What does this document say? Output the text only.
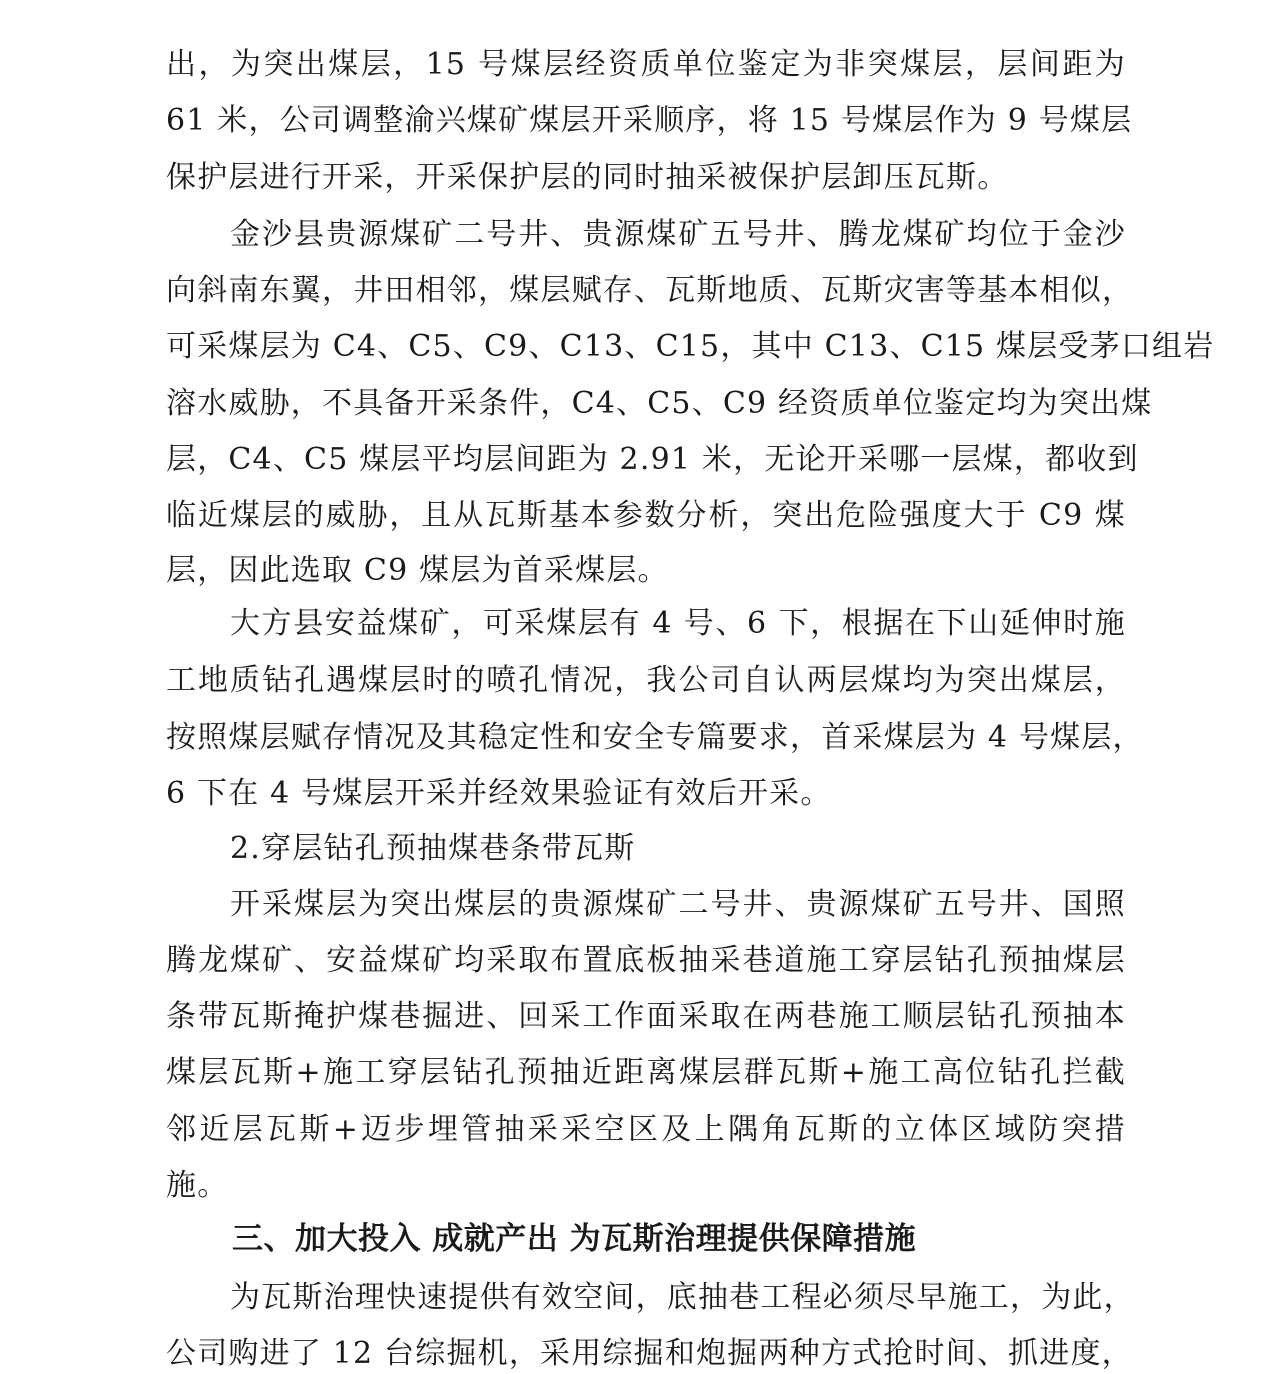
出，为突出煤层，15 号煤层经资质单位鉴定为非突煤层，层间距为
61 米，公司调整渝兴煤矿煤层开采顺序，将 15 号煤层作为 9 号煤层
保护层进行开采，开采保护层的同时抽采被保护层卸压瓦斯。
金沙县贵源煤矿二号井、贵源煤矿五号井、腾龙煤矿均位于金沙
向斜南东翼，井田相邻，煤层赋存、瓦斯地质、瓦斯灾害等基本相似，
可采煤层为 C4、C5、C9、C13、C15，其中 C13、C15 煤层受茅口组岩
溶水威胁，不具备开采条件，C4、C5、C9 经资质单位鉴定均为突出煤
层，C4、C5 煤层平均层间距为 2.91 米，无论开采哪一层煤，都收到
临近煤层的威胁，且从瓦斯基本参数分析，突出危险强度大于 C9 煤
层，因此选取 C9 煤层为首采煤层。
大方县安益煤矿，可采煤层有 4 号、6 下，根据在下山延伸时施
工地质钻孔遇煤层时的喷孔情况，我公司自认两层煤均为突出煤层，
按照煤层赋存情况及其稳定性和安全专篇要求，首采煤层为 4 号煤层，
6 下在 4 号煤层开采并经效果验证有效后开采。
2.穿层钻孔预抽煤巷条带瓦斯
开采煤层为突出煤层的贵源煤矿二号井、贵源煤矿五号井、国照
腾龙煤矿、安益煤矿均采取布置底板抽采巷道施工穿层钻孔预抽煤层
条带瓦斯掩护煤巷掘进、回采工作面采取在两巷施工顺层钻孔预抽本
煤层瓦斯+施工穿层钻孔预抽近距离煤层群瓦斯+施工高位钻孔拦截
邻近层瓦斯+迈步埋管抽采采空区及上隅角瓦斯的立体区域防突措
施。
三、加大投入 成就产出 为瓦斯治理提供保障措施
为瓦斯治理快速提供有效空间，底抽巷工程必须尽早施工，为此，
公司购进了 12 台综掘机，采用综掘和炮掘两种方式抢时间、抓进度，
